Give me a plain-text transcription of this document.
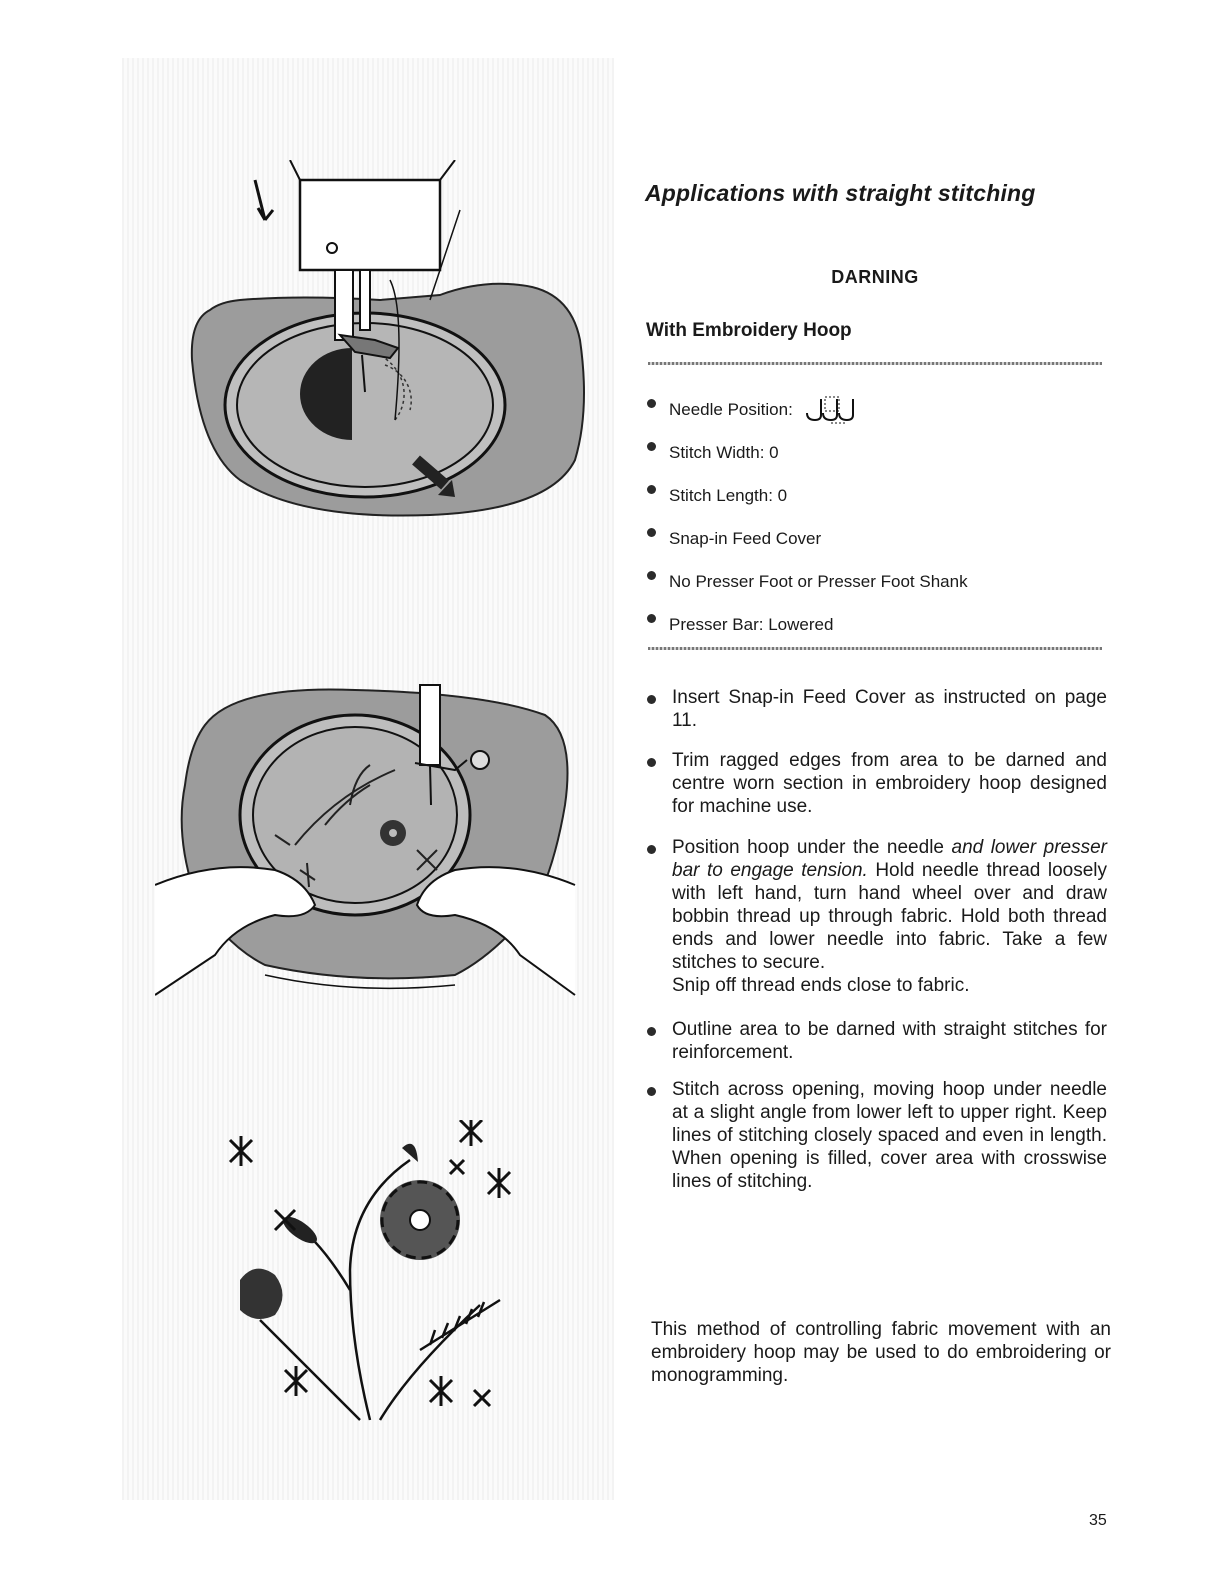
Applications with straight stitching
DARNING
With Embroidery Hoop
Needle Position:
Stitch Width: 0
Stitch Length: 0
Snap-in Feed Cover
No Presser Foot or Presser Foot Shank
Presser Bar: Lowered
Insert Snap-in Feed Cover as instructed on page 11.
Trim ragged edges from area to be darned and centre worn section in embroidery hoop designed for machine use.
Position hoop under the needle and lower presser bar to engage tension. Hold needle thread loosely with left hand, turn hand wheel over and draw bobbin thread up through fabric. Hold both thread ends and lower needle into fabric. Take a few stitches to secure.
Snip off thread ends close to fabric.
Outline area to be darned with straight stitches for reinforcement.
Stitch across opening, moving hoop under needle at a slight angle from lower left to upper right. Keep lines of stitching closely spaced and even in length. When opening is filled, cover area with crosswise lines of stitching.
This method of controlling fabric movement with an embroidery hoop may be used to do embroidering or monogramming.
35
